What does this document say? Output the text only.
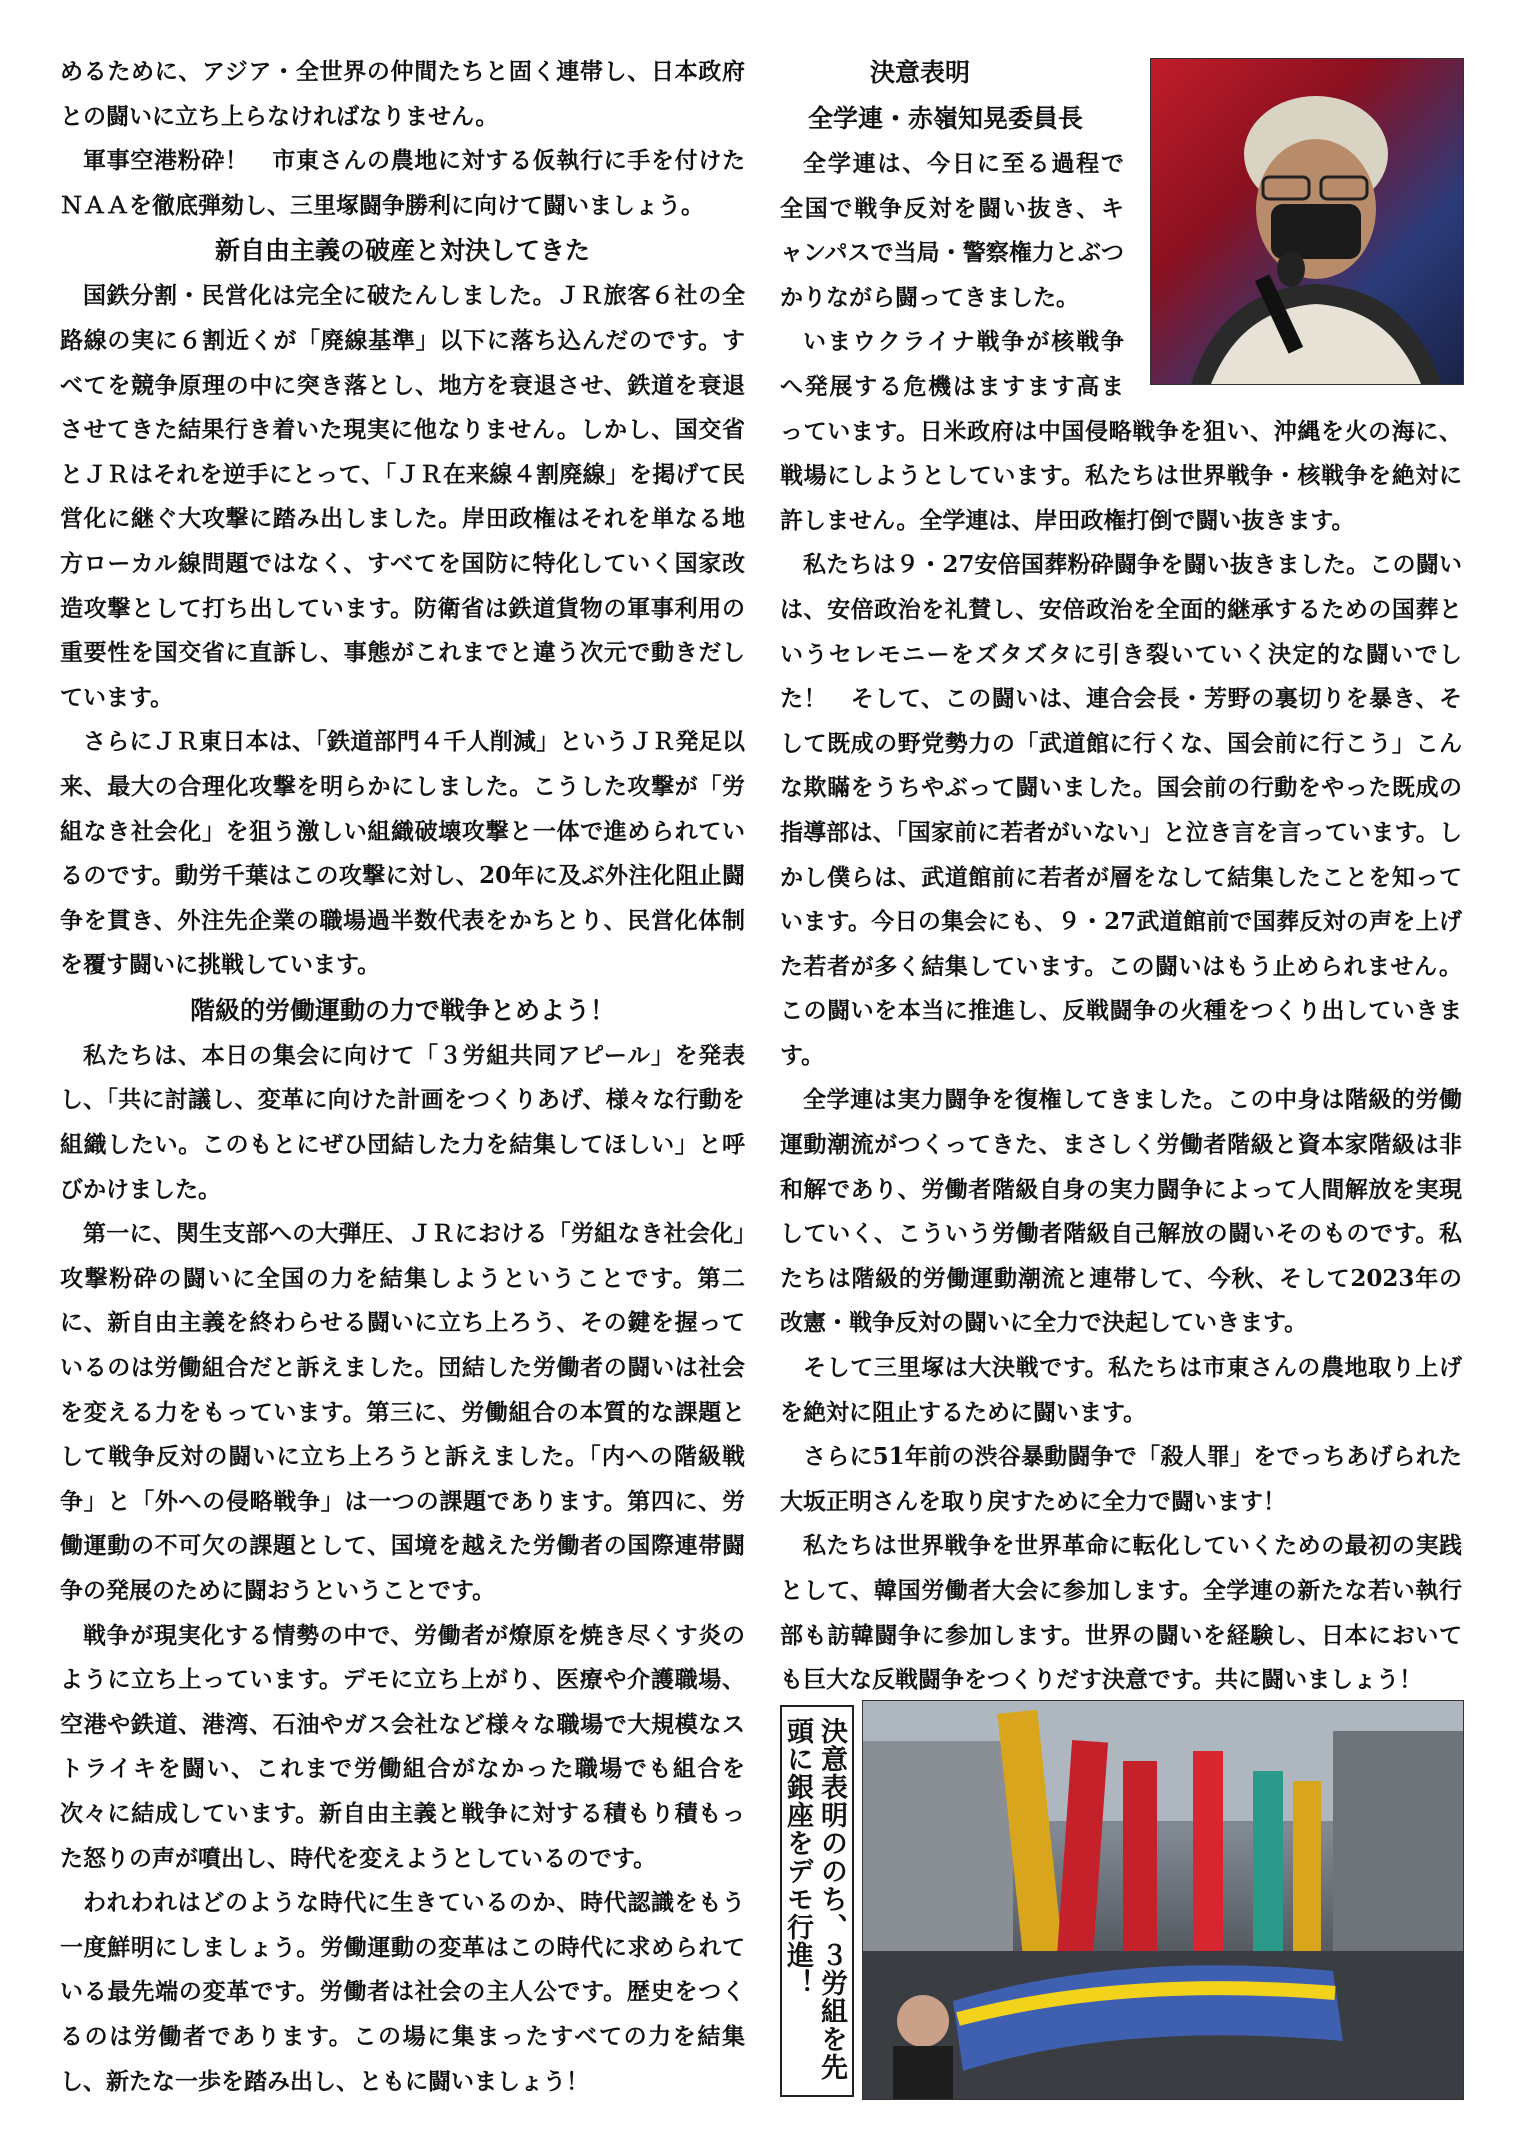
めるために、アジア・全世界の仲間たちと固く連帯し、日本政府との闘いに立ち上らなければなりません。

軍事空港粉砕！　市東さんの農地に対する仮執行に手を付けたＮＡＡを徹底弾劾し、三里塚闘争勝利に向けて闘いましょう。

新自由主義の破産と対決してきた

国鉄分割・民営化は完全に破たんしました。ＪＲ旅客６社の全路線の実に６割近くが「廃線基準」以下に落ち込んだのです。すべてを競争原理の中に突き落とし、地方を衰退させ、鉄道を衰退させてきた結果行き着いた現実に他なりません。しかし、国交省とＪＲはそれを逆手にとって、「ＪＲ在来線４割廃線」を掲げて民営化に継ぐ大攻撃に踏み出しました。岸田政権はそれを単なる地方ローカル線問題ではなく、すべてを国防に特化していく国家改造攻撃として打ち出しています。防衛省は鉄道貨物の軍事利用の重要性を国交省に直訴し、事態がこれまでと違う次元で動きだしています。

さらにＪＲ東日本は、「鉄道部門４千人削減」というＪＲ発足以来、最大の合理化攻撃を明らかにしました。こうした攻撃が「労組なき社会化」を狙う激しい組織破壊攻撃と一体で進められているのです。動労千葉はこの攻撃に対し、20年に及ぶ外注化阻止闘争を貫き、外注先企業の職場過半数代表をかちとり、民営化体制を覆す闘いに挑戦しています。

階級的労働運動の力で戦争とめよう！

私たちは、本日の集会に向けて「３労組共同アピール」を発表し、「共に討議し、変革に向けた計画をつくりあげ、様々な行動を組織したい。このもとにぜひ団結した力を結集してほしい」と呼びかけました。

第一に、関生支部への大弾圧、ＪＲにおける「労組なき社会化」攻撃粉砕の闘いに全国の力を結集しようということです。第二に、新自由主義を終わらせる闘いに立ち上ろう、その鍵を握っているのは労働組合だと訴えました。団結した労働者の闘いは社会を変える力をもっています。第三に、労働組合の本質的な課題として戦争反対の闘いに立ち上ろうと訴えました。「内への階級戦争」と「外への侵略戦争」は一つの課題であります。第四に、労働運動の不可欠の課題として、国境を越えた労働者の国際連帯闘争の発展のために闘おうということです。

戦争が現実化する情勢の中で、労働者が燎原を焼き尽くす炎のように立ち上っています。デモに立ち上がり、医療や介護職場、空港や鉄道、港湾、石油やガス会社など様々な職場で大規模なストライキを闘い、これまで労働組合がなかった職場でも組合を次々に結成しています。新自由主義と戦争に対する積もり積もった怒りの声が噴出し、時代を変えようとしているのです。

われわれはどのような時代に生きているのか、時代認識をもう一度鮮明にしましょう。労働運動の変革はこの時代に求められている最先端の変革です。労働者は社会の主人公です。歴史をつくるのは労働者であります。この場に集まったすべての力を結集し、新たな一歩を踏み出し、ともに闘いましょう！

決意表明
全学連・赤嶺知晃委員長

全学連は、今日に至る過程で全国で戦争反対を闘い抜き、キャンパスで当局・警察権力とぶつかりながら闘ってきました。

いまウクライナ戦争が核戦争へ発展する危機はますます高まっています。日米政府は中国侵略戦争を狙い、沖縄を火の海に、戦場にしようとしています。私たちは世界戦争・核戦争を絶対に許しません。全学連は、岸田政権打倒で闘い抜きます。

私たちは９・27安倍国葬粉砕闘争を闘い抜きました。この闘いは、安倍政治を礼賛し、安倍政治を全面的継承するための国葬というセレモニーをズタズタに引き裂いていく決定的な闘いでした！　そして、この闘いは、連合会長・芳野の裏切りを暴き、そして既成の野党勢力の「武道館に行くな、国会前に行こう」こんな欺瞞をうちやぶって闘いました。国会前の行動をやった既成の指導部は、「国家前に若者がいない」と泣き言を言っています。しかし僕らは、武道館前に若者が層をなして結集したことを知っています。今日の集会にも、９・27武道館前で国葬反対の声を上げた若者が多く結集しています。この闘いはもう止められません。この闘いを本当に推進し、反戦闘争の火種をつくり出していきます。

全学連は実力闘争を復権してきました。この中身は階級的労働運動潮流がつくってきた、まさしく労働者階級と資本家階級は非和解であり、労働者階級自身の実力闘争によって人間解放を実現していく、こういう労働者階級自己解放の闘いそのものです。私たちは階級的労働運動潮流と連帯して、今秋、そして2023年の改憲・戦争反対の闘いに全力で決起していきます。

そして三里塚は大決戦です。私たちは市東さんの農地取り上げを絶対に阻止するために闘います。

さらに51年前の渋谷暴動闘争で「殺人罪」をでっちあげられた大坂正明さんを取り戻すために全力で闘います！

私たちは世界戦争を世界革命に転化していくための最初の実践として、韓国労働者大会に参加します。全学連の新たな若い執行部も訪韓闘争に参加します。世界の闘いを経験し、日本においても巨大な反戦闘争をつくりだす決意です。共に闘いましょう！

決意表明ののち、３労組を先頭に銀座をデモ行進！
